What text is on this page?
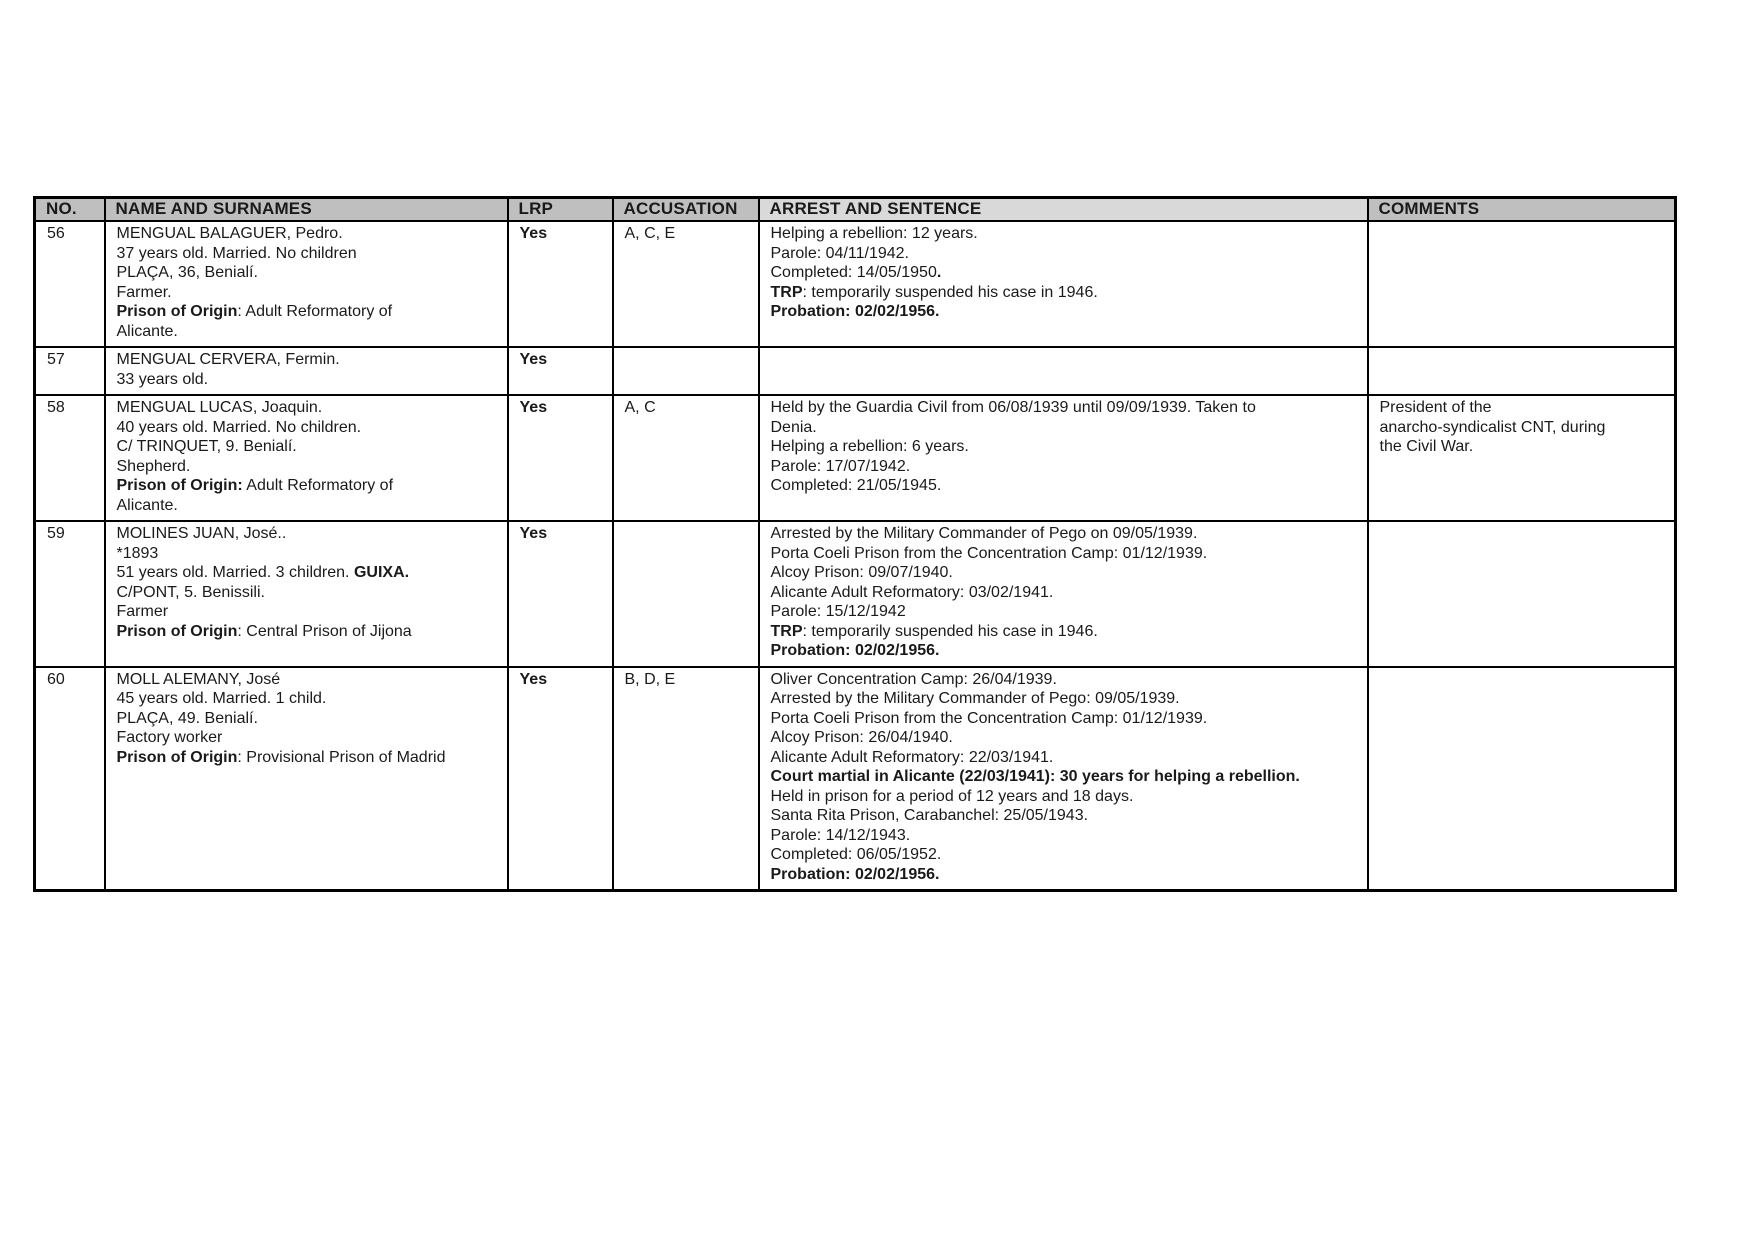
NO.	NAME AND SURNAMES	LRP	ACCUSATION	ARREST AND SENTENCE	COMMENTS
56	MENGUAL BALAGUER, Pedro.
37 years old. Married. No children
PLAÇA, 36, Benialí.
Farmer.
Prison of Origin: Adult Reformatory of
Alicante.
	Yes	A, C, E	Helping a rebellion: 12 years.
Parole: 04/11/1942.
Completed: 14/05/1950.
TRP: temporarily suspended his case in 1946.
Probation: 02/02/1956.

57	MENGUAL CERVERA, Fermin.
33 years old.	Yes			
58	MENGUAL LUCAS, Joaquin.
40 years old. Married. No children.
C/ TRINQUET, 9. Benialí.
Shepherd.
Prison of Origin: Adult Reformatory of
Alicante.
	Yes	A, C	Held by the Guardia Civil from 06/08/1939 until 09/09/1939. Taken to
Denia.
Helping a rebellion: 6 years.
Parole: 17/07/1942.
Completed: 21/05/1945.

President of the
anarcho-syndicalist CNT, during
the Civil War.

59	MOLINES JUAN, José..
*1893
51 years old. Married. 3 children. GUIXA.
C/PONT, 5. Benissili.
Farmer
Prison of Origin: Central Prison of Jijona
	Yes		Arrested by the Military Commander of Pego on 09/05/1939.
Porta Coeli Prison from the Concentration Camp: 01/12/1939.
Alcoy Prison: 09/07/1940.
Alicante Adult Reformatory: 03/02/1941.
Parole: 15/12/1942
TRP: temporarily suspended his case in 1946.
Probation: 02/02/1956.

60	MOLL ALEMANY, José
45 years old. Married. 1 child.
PLAÇA, 49. Benialí.
Factory worker
Prison of Origin: Provisional Prison of Madrid
	Yes	B, D, E	Oliver Concentration Camp: 26/04/1939.
Arrested by the Military Commander of Pego: 09/05/1939.
Porta Coeli Prison from the Concentration Camp: 01/12/1939.
Alcoy Prison: 26/04/1940.
Alicante Adult Reformatory: 22/03/1941.
Court martial in Alicante (22/03/1941): 30 years for helping a rebellion.
Held in prison for a period of 12 years and 18 days.
Santa Rita Prison, Carabanchel: 25/05/1943.
Parole: 14/12/1943.
Completed: 06/05/1952.
Probation: 02/02/1956.
